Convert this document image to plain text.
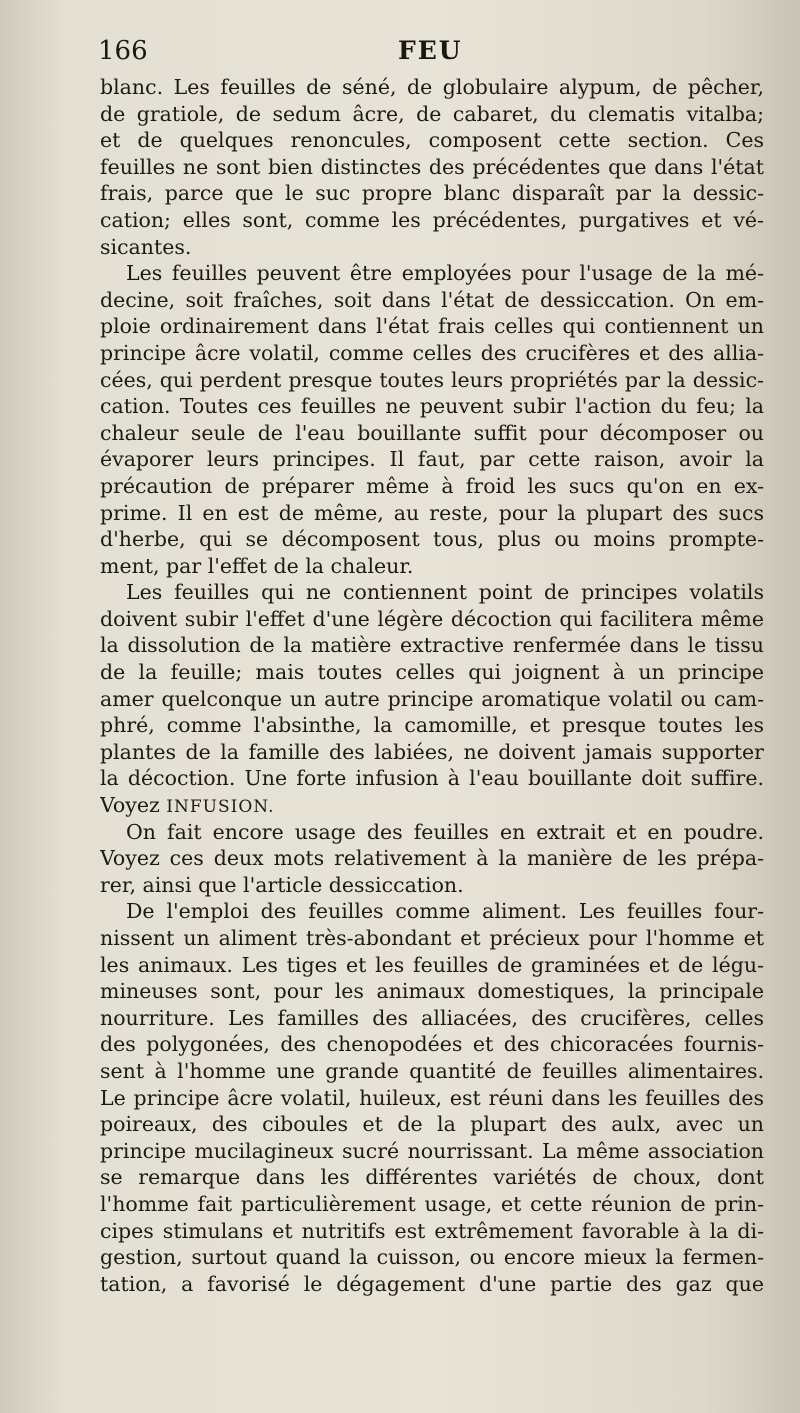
166	FEU
blanc. Les feuilles de séné, de globulaire alypum, de pêcher,
de gratiole, de sedum âcre, de cabaret, du clematis vitalba;
et de quelques renoncules, composent cette section. Ces
feuilles ne sont bien distinctes des précédentes que dans l'état
frais, parce que le suc propre blanc disparaît par la dessic-
cation; elles sont, comme les précédentes, purgatives et vé-
sicantes.
Les feuilles peuvent être employées pour l'usage de la mé-
decine, soit fraîches, soit dans l'état de dessiccation. On em-
ploie ordinairement dans l'état frais celles qui contiennent un
principe âcre volatil, comme celles des crucifères et des allia-
cées, qui perdent presque toutes leurs propriétés par la dessic-
cation. Toutes ces feuilles ne peuvent subir l'action du feu; la
chaleur seule de l'eau bouillante suffit pour décomposer ou
évaporer leurs principes. Il faut, par cette raison, avoir la
précaution de préparer même à froid les sucs qu'on en ex-
prime. Il en est de même, au reste, pour la plupart des sucs
d'herbe, qui se décomposent tous, plus ou moins prompte-
ment, par l'effet de la chaleur.
Les feuilles qui ne contiennent point de principes volatils
doivent subir l'effet d'une légère décoction qui facilitera même
la dissolution de la matière extractive renfermée dans le tissu
de la feuille; mais toutes celles qui joignent à un principe
amer quelconque un autre principe aromatique volatil ou cam-
phré, comme l'absinthe, la camomille, et presque toutes les
plantes de la famille des labiées, ne doivent jamais supporter
la décoction. Une forte infusion à l'eau bouillante doit suffire.
Voyez INFUSION.
On fait encore usage des feuilles en extrait et en poudre.
Voyez ces deux mots relativement à la manière de les prépa-
rer, ainsi que l'article dessiccation.
De l'emploi des feuilles comme aliment. Les feuilles four-
nissent un aliment très-abondant et précieux pour l'homme et
les animaux. Les tiges et les feuilles de graminées et de légu-
mineuses sont, pour les animaux domestiques, la principale
nourriture. Les familles des alliacées, des crucifères, celles
des polygonées, des chenopodées et des chicoracées fournis-
sent à l'homme une grande quantité de feuilles alimentaires.
Le principe âcre volatil, huileux, est réuni dans les feuilles des
poireaux, des ciboules et de la plupart des aulx, avec un
principe mucilagineux sucré nourrissant. La même association
se remarque dans les différentes variétés de choux, dont
l'homme fait particulièrement usage, et cette réunion de prin-
cipes stimulans et nutritifs est extrêmement favorable à la di-
gestion, surtout quand la cuisson, ou encore mieux la fermen-
tation, a favorisé le dégagement d'une partie des gaz que
